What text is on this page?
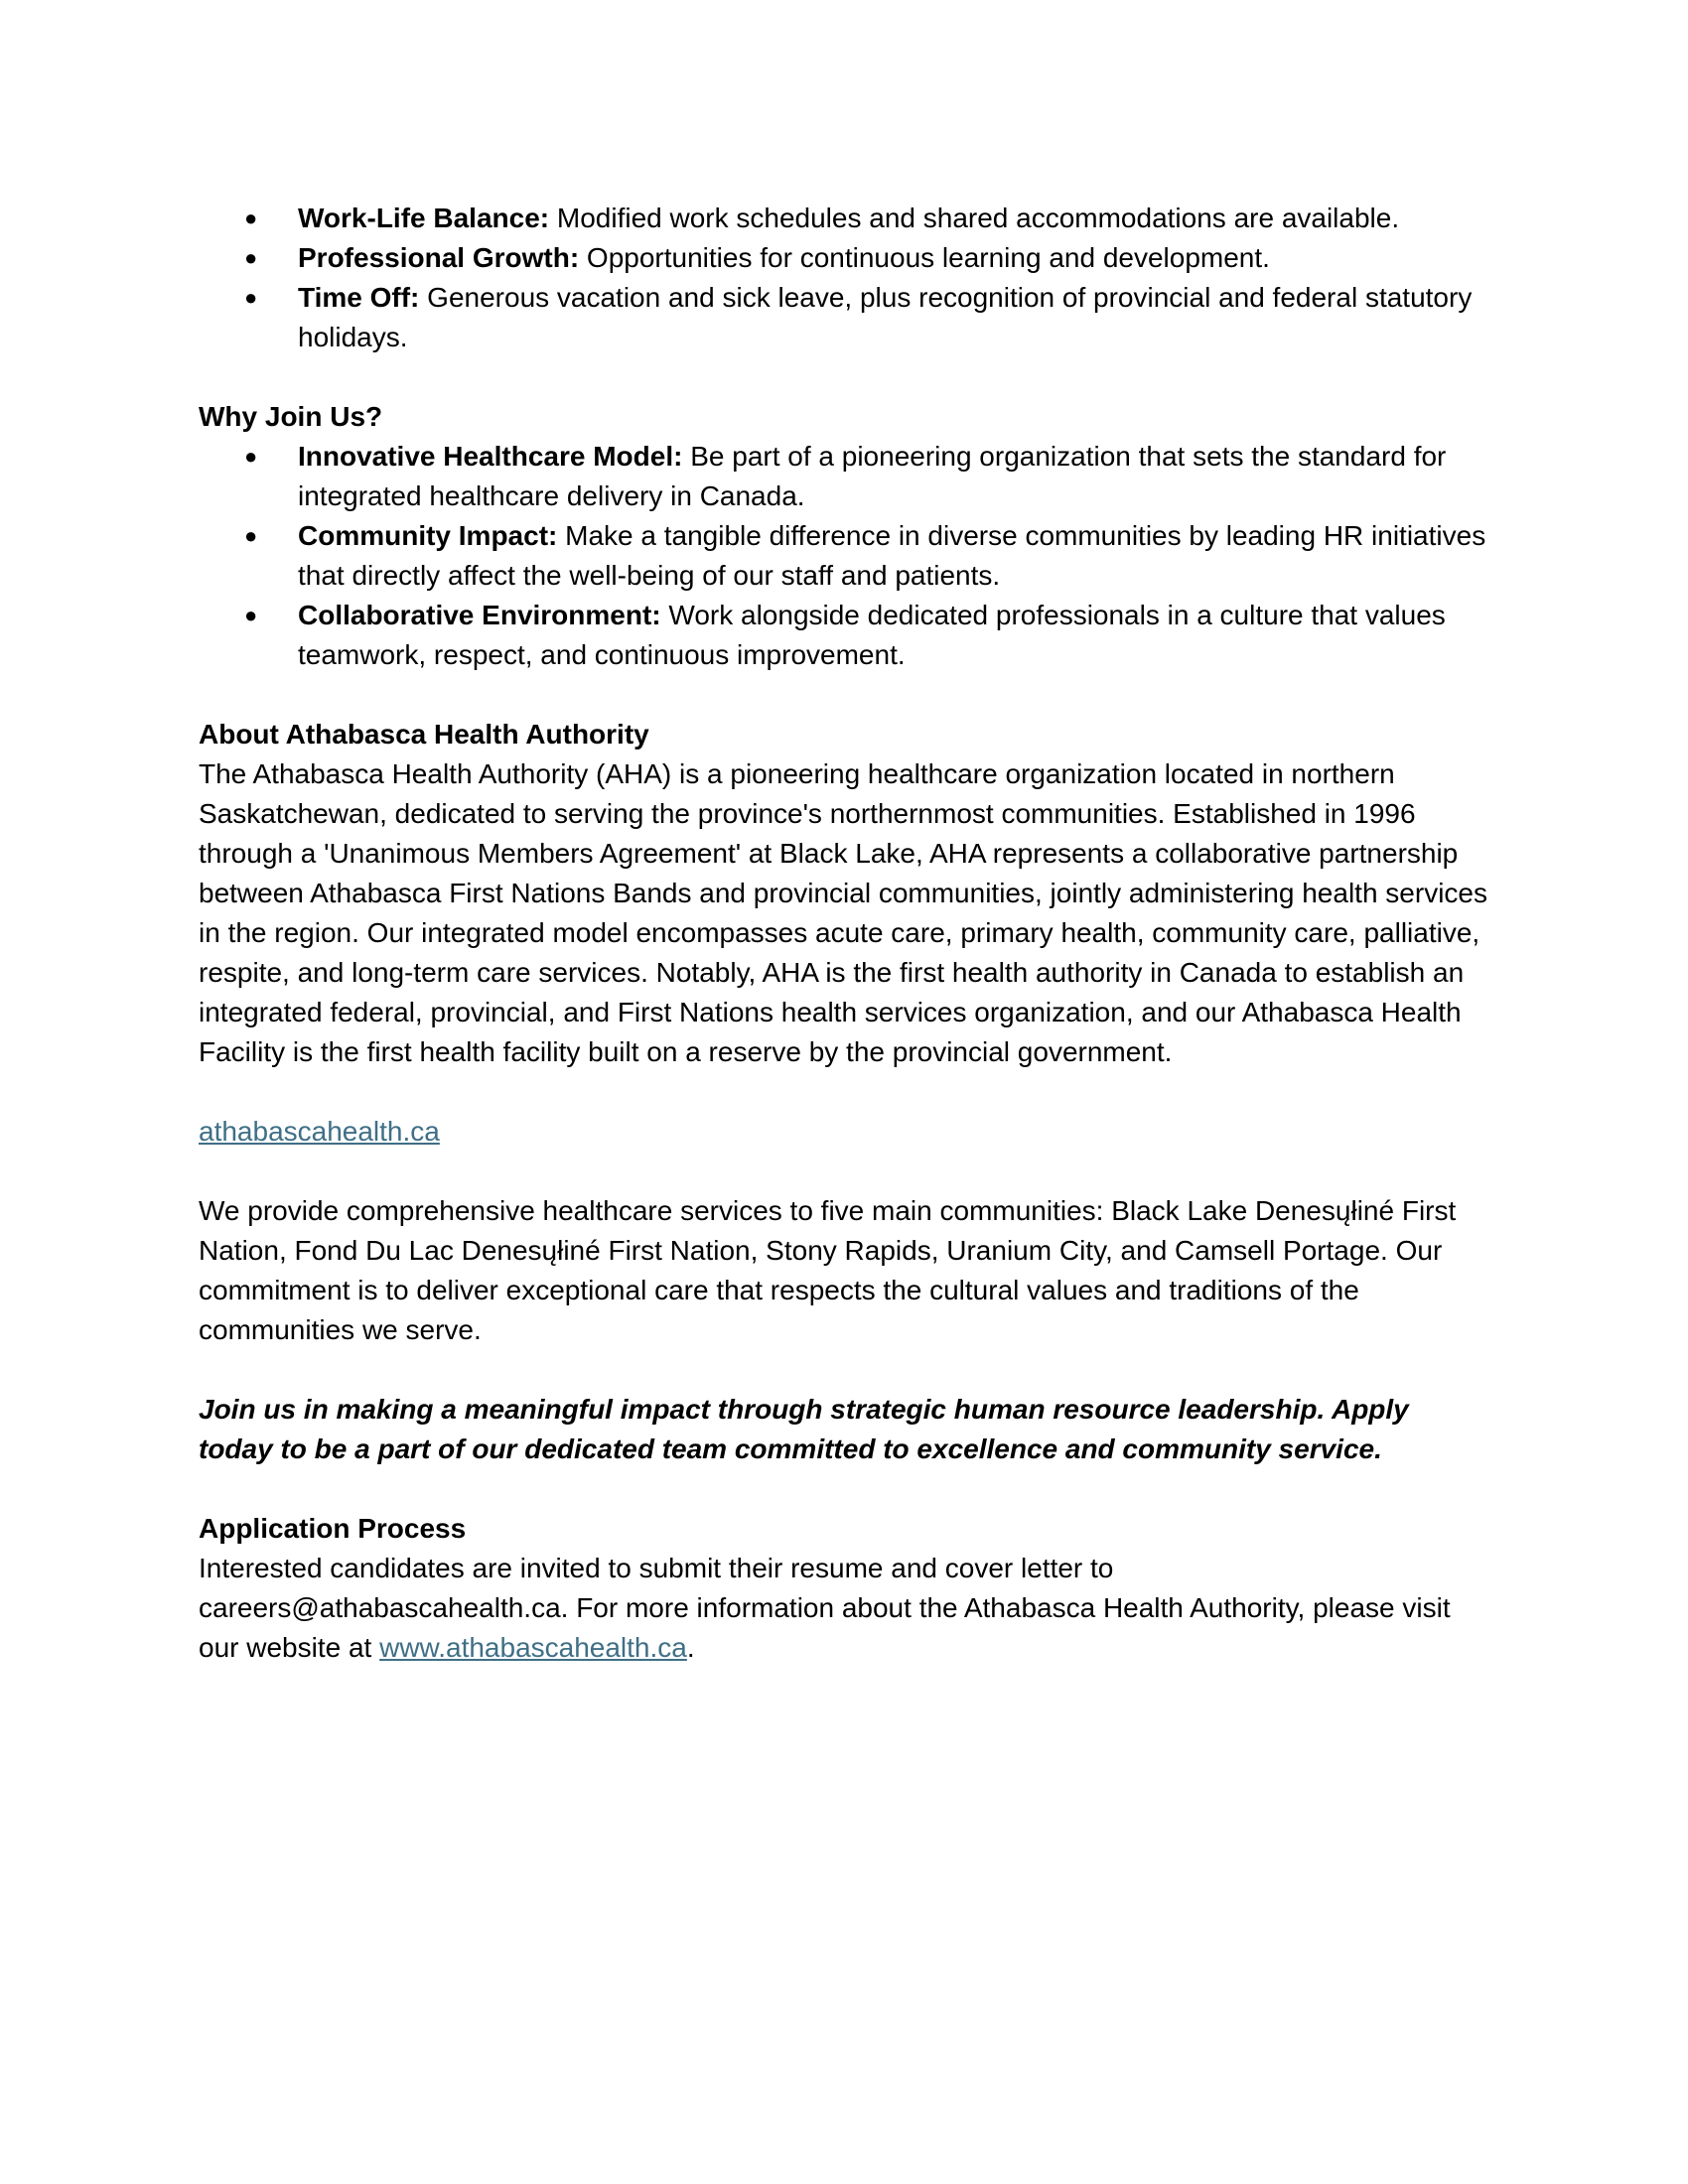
● Work-Life Balance: Modified work schedules and shared accommodations are available.
● Professional Growth: Opportunities for continuous learning and development.
● Time Off: Generous vacation and sick leave, plus recognition of provincial and federal statutory holidays.

Why Join Us?

● Innovative Healthcare Model: Be part of a pioneering organization that sets the standard for integrated healthcare delivery in Canada.
● Community Impact: Make a tangible difference in diverse communities by leading HR initiatives that directly affect the well-being of our staff and patients.
● Collaborative Environment: Work alongside dedicated professionals in a culture that values teamwork, respect, and continuous improvement.

About Athabasca Health Authority

The Athabasca Health Authority (AHA) is a pioneering healthcare organization located in northern Saskatchewan, dedicated to serving the province's northernmost communities. Established in 1996 through a 'Unanimous Members Agreement' at Black Lake, AHA represents a collaborative partnership between Athabasca First Nations Bands and provincial communities, jointly administering health services in the region. Our integrated model encompasses acute care, primary health, community care, palliative, respite, and long-term care services. Notably, AHA is the first health authority in Canada to establish an integrated federal, provincial, and First Nations health services organization, and our Athabasca Health Facility is the first health facility built on a reserve by the provincial government.

athabascahealth.ca

We provide comprehensive healthcare services to five main communities: Black Lake Denesųłiné First Nation, Fond Du Lac Denesųłiné First Nation, Stony Rapids, Uranium City, and Camsell Portage. Our commitment is to deliver exceptional care that respects the cultural values and traditions of the communities we serve.

Join us in making a meaningful impact through strategic human resource leadership. Apply today to be a part of our dedicated team committed to excellence and community service.

Application Process

Interested candidates are invited to submit their resume and cover letter to careers@athabascahealth.ca. For more information about the Athabasca Health Authority, please visit our website at www.athabascahealth.ca.
